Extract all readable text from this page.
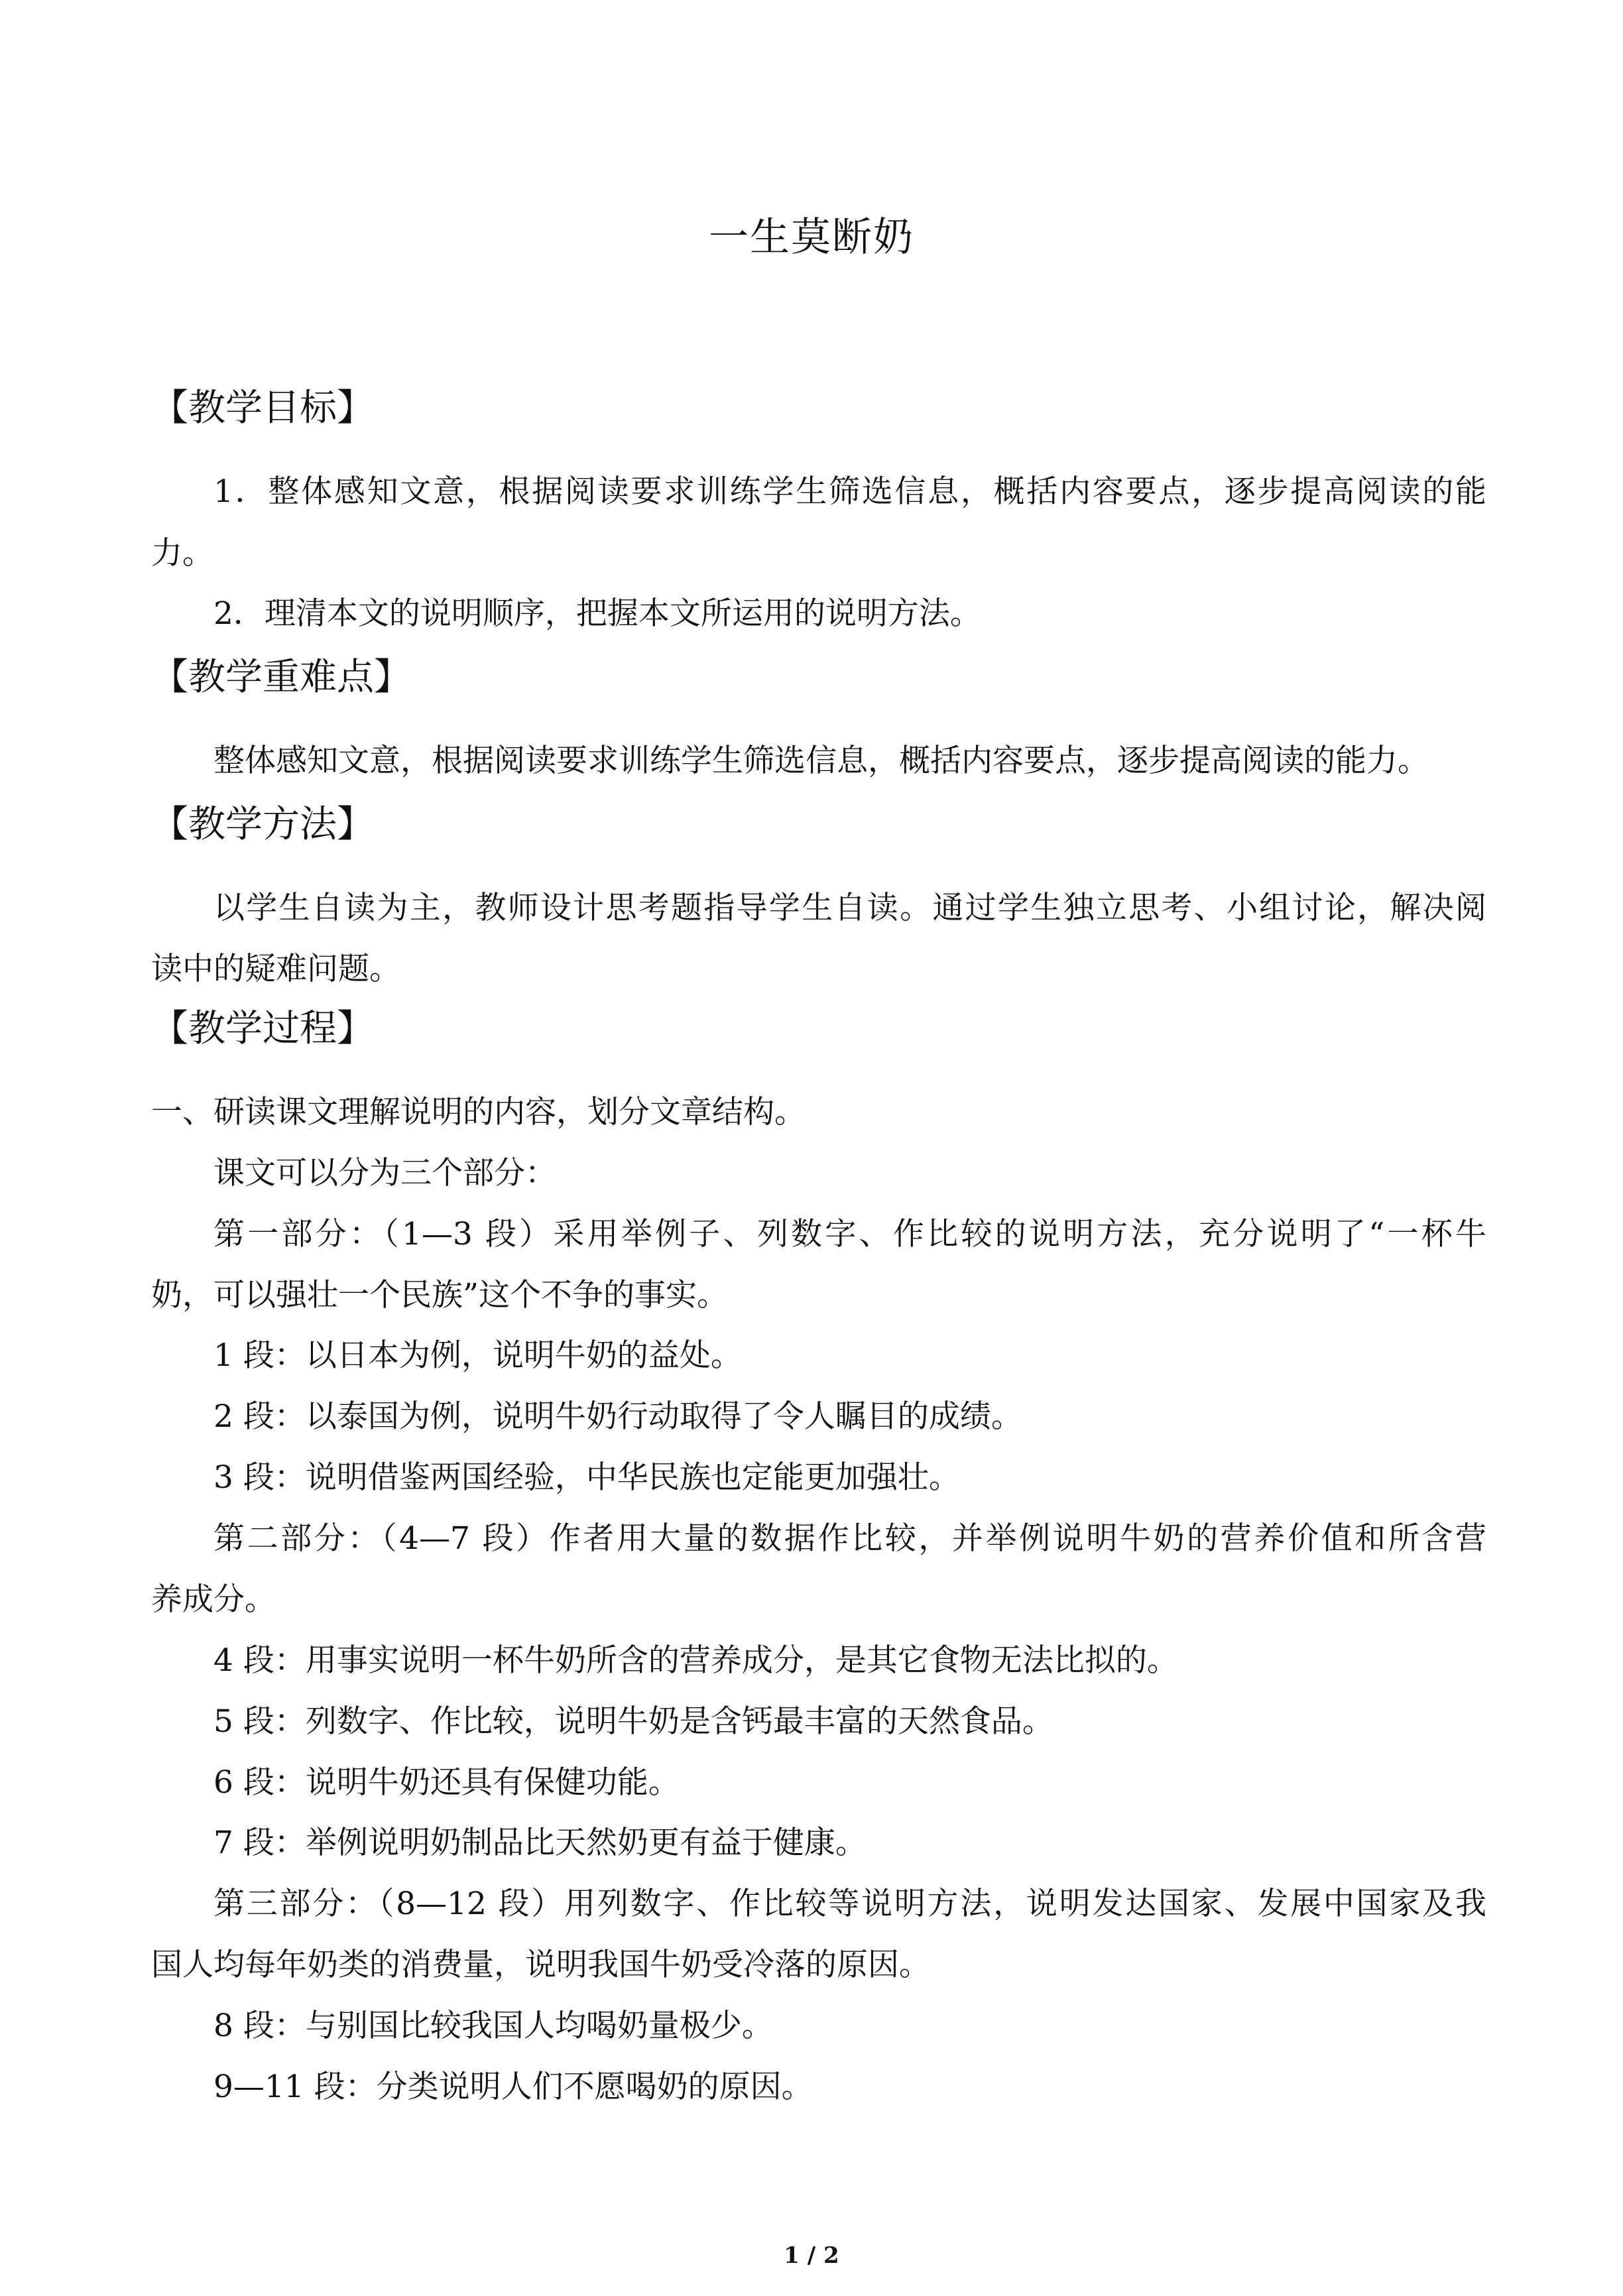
一生莫断奶
【教学目标】
1．整体感知文意，根据阅读要求训练学生筛选信息，概括内容要点，逐步提高阅读的能
力。
2．理清本文的说明顺序，把握本文所运用的说明方法。
【教学重难点】
整体感知文意，根据阅读要求训练学生筛选信息，概括内容要点，逐步提高阅读的能力。
【教学方法】
以学生自读为主，教师设计思考题指导学生自读。通过学生独立思考、小组讨论，解决阅
读中的疑难问题。
【教学过程】
一、研读课文理解说明的内容，划分文章结构。
课文可以分为三个部分：
第一部分：（1—3 段）采用举例子、列数字、作比较的说明方法，充分说明了“一杯牛
奶，可以强壮一个民族”这个不争的事实。
1 段：以日本为例，说明牛奶的益处。
2 段：以泰国为例，说明牛奶行动取得了令人瞩目的成绩。
3 段：说明借鉴两国经验，中华民族也定能更加强壮。
第二部分：（4—7 段）作者用大量的数据作比较，并举例说明牛奶的营养价值和所含营
养成分。
4 段：用事实说明一杯牛奶所含的营养成分，是其它食物无法比拟的。
5 段：列数字、作比较，说明牛奶是含钙最丰富的天然食品。
6 段：说明牛奶还具有保健功能。
7 段：举例说明奶制品比天然奶更有益于健康。
第三部分：（8—12 段）用列数字、作比较等说明方法，说明发达国家、发展中国家及我
国人均每年奶类的消费量，说明我国牛奶受冷落的原因。
8 段：与别国比较我国人均喝奶量极少。
9—11 段：分类说明人们不愿喝奶的原因。
1 / 2
